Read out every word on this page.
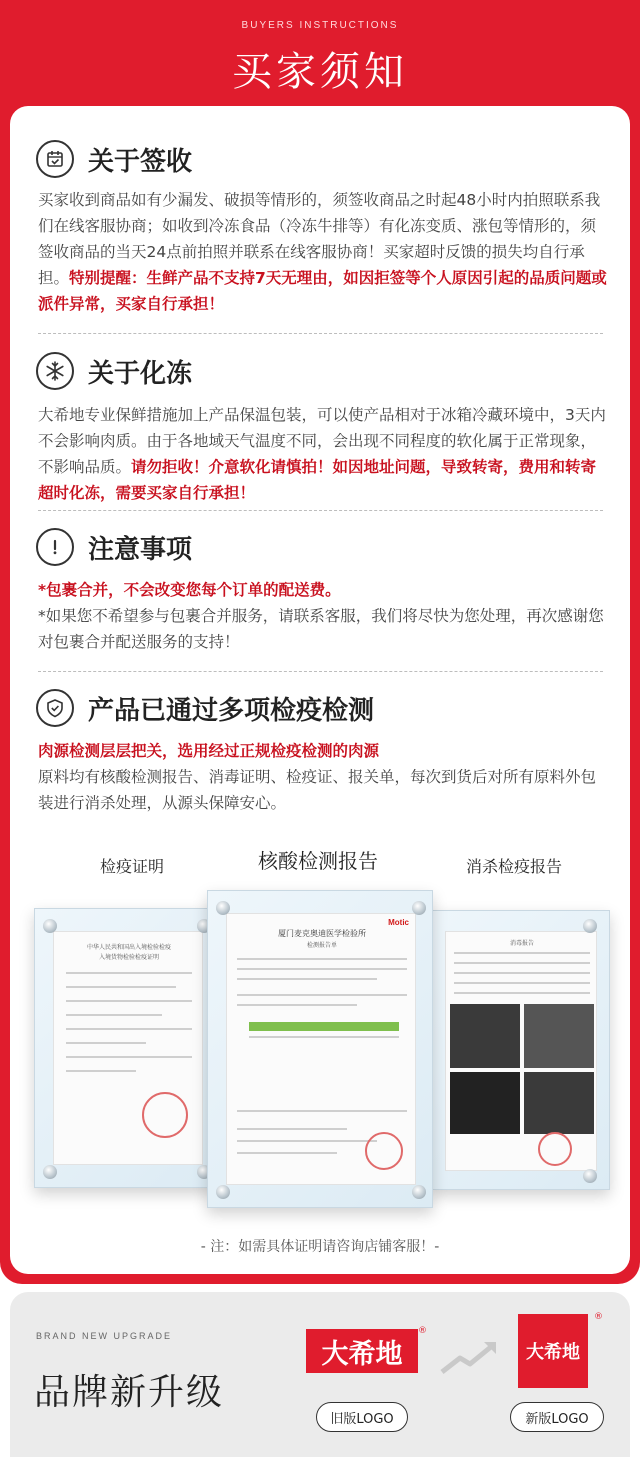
BUYERS INSTRUCTIONS
买家须知
关于签收
买家收到商品如有少漏发、破损等情形的，须签收商品之时起48小时内拍照联系我们在线客服协商；如收到冷冻食品（冷冻牛排等）有化冻变质、涨包等情形的，须签收商品的当天24点前拍照并联系在线客服协商！买家超时反馈的损失均自行承担。特别提醒：生鲜产品不支持7天无理由，如因拒签等个人原因引起的品质问题或派件异常，买家自行承担！
关于化冻
大希地专业保鲜措施加上产品保温包装，可以使产品相对于冰箱冷藏环境中，3天内不会影响肉质。由于各地域天气温度不同，会出现不同程度的软化属于正常现象，不影响品质。请勿拒收！介意软化请慎拍！如因地址问题，导致转寄，费用和转寄超时化冻，需要买家自行承担！
注意事项
*包裹合并，不会改变您每个订单的配送费。
*如果您不希望参与包裹合并服务，请联系客服，我们将尽快为您处理，再次感谢您对包裹合并配送服务的支持！
产品已通过多项检疫检测
肉源检测层层把关，选用经过正规检疫检测的肉源
原料均有核酸检测报告、消毒证明、检疫证、报关单，每次到货后对所有原料外包装进行消杀处理，从源头保障安心。
检疫证明	核酸检测报告	消杀检疫报告
中华人民共和国出入境检验检疫
入境货物检验检疫证明
消毒报告
Motic
厦门麦克奥迪医学检验所
检测报告单
- 注：如需具体证明请咨询店铺客服！-
BRAND NEW UPGRADE
品牌新升级
大希地
®
大希地
®
旧版LOGO	新版LOGO
